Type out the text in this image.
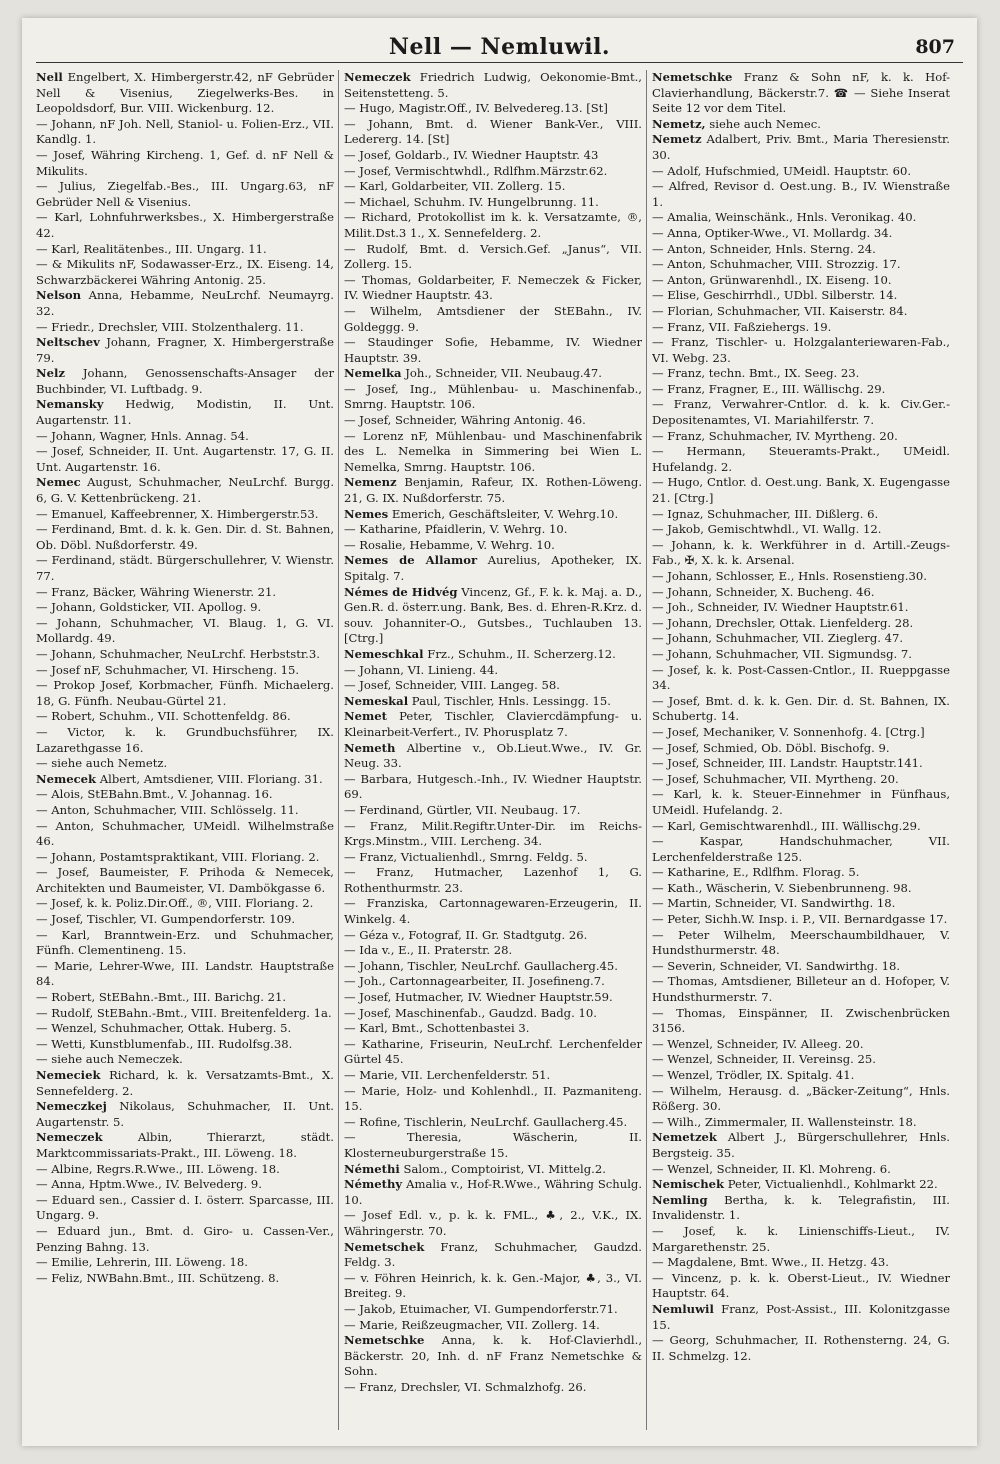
Nell — Nemluwil.	807

Nell Engelbert, X. Himbergerstr.42, nF Gebrüder Nell & Visenius, Ziegelwerks-Bes. in Leopoldsdorf, Bur. VIII. Wickenburg. 12.

— Johann, nF Joh. Nell, Staniol- u. Folien-Erz., VII. Kandlg. 1.

— Josef, Währing Kircheng. 1, Gef. d. nF Nell & Mikulits.

— Julius, Ziegelfab.-Bes., III. Ungarg.63, nF Gebrüder Nell & Visenius.

— Karl, Lohnfuhrwerksbes., X. Himbergerstraße 42.

— Karl, Realitätenbes., III. Ungarg. 11.

— & Mikulits nF, Sodawasser-Erz., IX. Eiseng. 14, Schwarzbäckerei Währing Antonig. 25.

Nelson Anna, Hebamme, NeuLrchf. Neumayrg. 32.

— Friedr., Drechsler, VIII. Stolzenthalerg. 11.

Neltschev Johann, Fragner, X. Himbergerstraße 79.

Nelz Johann, Genossenschafts-Ansager der Buchbinder, VI. Luftbadg. 9.

Nemansky Hedwig, Modistin, II. Unt. Augartenstr. 11.

— Johann, Wagner, Hnls. Annag. 54.

— Josef, Schneider, II. Unt. Augartenstr. 17, G. II. Unt. Augartenstr. 16.

Nemec August, Schuhmacher, NeuLrchf. Burgg. 6, G. V. Kettenbrückeng. 21.

— Emanuel, Kaffeebrenner, X. Himbergerstr.53.

— Ferdinand, Bmt. d. k. k. Gen. Dir. d. St. Bahnen, Ob. Döbl. Nußdorferstr. 49.

— Ferdinand, städt. Bürgerschullehrer, V. Wienstr. 77.

— Franz, Bäcker, Währing Wienerstr. 21.

— Johann, Goldsticker, VII. Apollog. 9.

— Johann, Schuhmacher, VI. Blaug. 1, G. VI. Mollardg. 49.

— Johann, Schuhmacher, NeuLrchf. Herbststr.3.

— Josef nF, Schuhmacher, VI. Hirscheng. 15.

— Prokop Josef, Korbmacher, Fünfh. Michaelerg. 18, G. Fünfh. Neubau-Gürtel 21.

— Robert, Schuhm., VII. Schottenfeldg. 86.

— Victor, k. k. Grundbuchsführer, IX. Lazarethgasse 16.

— siehe auch Nemetz.

Nemecek Albert, Amtsdiener, VIII. Floriang. 31.

— Alois, StEBahn.Bmt., V. Johannag. 16.

— Anton, Schuhmacher, VIII. Schlösselg. 11.

— Anton, Schuhmacher, UMeidl. Wilhelmstraße 46.

— Johann, Postamtspraktikant, VIII. Floriang. 2.

— Josef, Baumeister, F. Prihoda & Nemecek, Architekten und Baumeister, VI. Dambökgasse 6.

— Josef, k. k. Poliz.Dir.Off., ®, VIII. Floriang. 2.

— Josef, Tischler, VI. Gumpendorferstr. 109.

— Karl, Branntwein-Erz. und Schuhmacher, Fünfh. Clementineng. 15.

— Marie, Lehrer-Wwe, III. Landstr. Hauptstraße 84.

— Robert, StEBahn.-Bmt., III. Barichg. 21.

— Rudolf, StEBahn.-Bmt., VIII. Breitenfelderg. 1a.

— Wenzel, Schuhmacher, Ottak. Huberg. 5.

— Wetti, Kunstblumenfab., III. Rudolfsg.38.

— siehe auch Nemeczek.

Nemeciek Richard, k. k. Versatzamts-Bmt., X. Sennefelderg. 2.

Nemeczkej Nikolaus, Schuhmacher, II. Unt. Augartenstr. 5.

Nemeczek	Albin, Thierarzt, städt. Marktcommissariats-Prakt., III. Löweng. 18.

— Albine, Regrs.R.Wwe., III. Löweng. 18.

— Anna, Hptm.Wwe., IV. Belvederg. 9.

— Eduard sen., Cassier d. I. österr. Sparcasse, III. Ungarg. 9.

— Eduard jun., Bmt. d. Giro- u. Cassen-Ver., Penzing Bahng. 13.

— Emilie, Lehrerin, III. Löweng. 18.

— Feliz, NWBahn.Bmt., III. Schützeng. 8.

Nemeczek Friedrich Ludwig, Oekonomie-Bmt., Seitenstetteng. 5.

— Hugo, Magistr.Off., IV. Belvedereg.13. [St]

— Johann, Bmt. d. Wiener Bank-Ver., VIII. Ledererg. 14. [St]

— Josef, Goldarb., IV. Wiedner Hauptstr. 43

— Josef, Vermischtwhdl., Rdlfhm.Märzstr.62.

— Karl, Goldarbeiter, VII. Zollerg. 15.

— Michael, Schuhm. IV. Hungelbrunng. 11.

— Richard, Protokollist im k. k. Versatzamte, ®, Milit.Dst.3 1., X. Sennefelderg. 2.

— Rudolf, Bmt. d. Versich.Gef. „Janus“, VII. Zollerg. 15.

— Thomas, Goldarbeiter, F. Nemeczek & Ficker, IV. Wiedner Hauptstr. 43.

— Wilhelm, Amtsdiener der StEBahn., IV. Goldeggg. 9.

— Staudinger Sofie, Hebamme, IV. Wiedner Hauptstr. 39.

Nemelka Joh., Schneider, VII. Neubaug.47.

— Josef, Ing., Mühlenbau- u. Maschinenfab., Smrng. Hauptstr. 106.

— Josef, Schneider, Währing Antonig. 46.

— Lorenz nF, Mühlenbau- und Maschinenfabrik des L. Nemelka in Simmering bei Wien L. Nemelka, Smrng. Hauptstr. 106.

Nemenz Benjamin, Rafeur, IX. Rothen-Löweng. 21, G. IX. Nußdorferstr. 75.

Nemes Emerich, Geschäftsleiter, V. Wehrg.10.

— Katharine, Pfaidlerin, V. Wehrg. 10.

— Rosalie, Hebamme, V. Wehrg. 10.

Nemes de Allamor Aurelius, Apotheker, IX. Spitalg. 7.

Némes de Hidvég Vincenz, Gf., F. k. k. Maj. a. D., Gen.R. d. österr.ung. Bank, Bes. d. Ehren-R.Krz. d. souv. Johanniter-O., Gutsbes., Tuchlauben 13. [Ctrg.]

Nemeschkal Frz., Schuhm., II. Scherzerg.12.

— Johann, VI. Linieng. 44.

— Josef, Schneider, VIII. Langeg. 58.

Nemeskal Paul, Tischler, Hnls. Lessingg. 15.

Nemet Peter, Tischler, Claviercdämpfung- u. Kleinarbeit-Verfert., IV. Phorusplatz 7.

Nemeth Albertine v., Ob.Lieut.Wwe., IV. Gr. Neug. 33.

— Barbara, Hutgesch.-Inh., IV. Wiedner Hauptstr. 69.

— Ferdinand, Gürtler, VII. Neubaug. 17.

— Franz, Milit.Regiftr.Unter-Dir. im Reichs-Krgs.Minstm., VIII. Lercheng. 34.

— Franz, Victualienhdl., Smrng. Feldg. 5.

— Franz, Hutmacher, Lazenhof 1, G. Rothenthurmstr. 23.

— Franziska, Cartonnagewaren-Erzeugerin, II. Winkelg. 4.

— Géza v., Fotograf, II. Gr. Stadtgutg. 26.

— Ida v., E., II. Praterstr. 28.

— Johann, Tischler, NeuLrchf. Gaullacherg.45.

— Joh., Cartonnagearbeiter, II. Josefineng.7.

— Josef, Hutmacher, IV. Wiedner Hauptstr.59.

— Josef, Maschinenfab., Gaudzd. Badg. 10.

— Karl, Bmt., Schottenbastei 3.

— Katharine, Friseurin, NeuLrchf. Lerchenfelder Gürtel 45.

— Marie, VII. Lerchenfelderstr. 51.

— Marie, Holz- und Kohlenhdl., II. Pazmaniteng. 15.

— Rofine, Tischlerin, NeuLrchf. Gaullacherg.45.

— Theresia, Wäscherin, II. Klosterneuburgerstraße 15.

Némethi Salom., Comptoirist, VI. Mittelg.2.

Némethy Amalia v., Hof-R.Wwe., Währing Schulg. 10.

— Josef Edl. v., p. k. k. FML., ♣, 2., V.K., IX. Währingerstr. 70.

Nemetschek Franz, Schuhmacher, Gaudzd. Feldg. 3.

— v. Föhren Heinrich, k. k. Gen.-Major, ♣, 3., VI. Breiteg. 9.

— Jakob, Etuimacher, VI. Gumpendorferstr.71.

— Marie, Reißzeugmacher, VII. Zollerg. 14.

Nemetschke Anna, k. k. Hof-Clavierhdl., Bäckerstr. 20, Inh. d. nF Franz Nemetschke & Sohn.

— Franz, Drechsler, VI. Schmalzhofg. 26.

Nemetschke Franz & Sohn nF, k. k. Hof-Clavierhandlung, Bäckerstr.7. ☎ — Siehe Inserat Seite 12 vor dem Titel.

Nemetz, siehe auch Nemec.

Nemetz Adalbert, Priv. Bmt., Maria Theresienstr. 30.

— Adolf, Hufschmied, UMeidl. Hauptstr. 60.

— Alfred, Revisor d. Oest.ung. B., IV. Wienstraße 1.

— Amalia, Weinschänk., Hnls. Veronikag. 40.

— Anna, Optiker-Wwe., VI. Mollardg. 34.

— Anton, Schneider, Hnls. Sterng. 24.

— Anton, Schuhmacher, VIII. Strozzig. 17.

— Anton, Grünwarenhdl., IX. Eiseng. 10.

— Elise, Geschirrhdl., UDbl. Silberstr. 14.

— Florian, Schuhmacher, VII. Kaiserstr. 84.

— Franz, VII. Faßziehergs. 19.

— Franz, Tischler- u. Holzgalanteriewaren-Fab., VI. Webg. 23.

— Franz, techn. Bmt., IX. Seeg. 23.

— Franz, Fragner, E., III. Wällischg. 29.

— Franz, Verwahrer-Cntlor. d. k. k. Civ.Ger.-Depositenamtes, VI. Mariahilferstr. 7.

— Franz, Schuhmacher, IV. Myrtheng. 20.

— Hermann, Steueramts-Prakt., UMeidl. Hufelandg. 2.

— Hugo, Cntlor. d. Oest.ung. Bank, X. Eugengasse 21. [Ctrg.]

— Ignaz, Schuhmacher, III. Dißlerg. 6.

— Jakob, Gemischtwhdl., VI. Wallg. 12.

— Johann, k. k. Werkführer in d. Artill.-Zeugs-Fab., ✠, X. k. k. Arsenal.

— Johann, Schlosser, E., Hnls. Rosenstieng.30.

— Johann, Schneider, X. Bucheng. 46.

— Joh., Schneider, IV. Wiedner Hauptstr.61.

— Johann, Drechsler, Ottak. Lienfelderg. 28.

— Johann, Schuhmacher, VII. Zieglerg. 47.

— Johann, Schuhmacher, VII. Sigmundsg. 7.

— Josef, k. k. Post-Cassen-Cntlor., II. Rueppgasse 34.

— Josef, Bmt. d. k. k. Gen. Dir. d. St. Bahnen, IX. Schubertg. 14.

— Josef, Mechaniker, V. Sonnenhofg. 4. [Ctrg.]

— Josef, Schmied, Ob. Döbl. Bischofg. 9.

— Josef, Schneider, III. Landstr. Hauptstr.141.

— Josef, Schuhmacher, VII. Myrtheng. 20.

— Karl, k. k. Steuer-Einnehmer in Fünfhaus, UMeidl. Hufelandg. 2.

— Karl, Gemischtwarenhdl., III. Wällischg.29.

— Kaspar, Handschuhmacher, VII. Lerchenfelderstraße 125.

— Katharine, E., Rdlfhm. Florag. 5.

— Kath., Wäscherin, V. Siebenbrunneng. 98.

— Martin, Schneider, VI. Sandwirthg. 18.

— Peter, Sichh.W. Insp. i. P., VII. Bernardgasse 17.

— Peter Wilhelm, Meerschaumbildhauer, V. Hundsthurmerstr. 48.

— Severin, Schneider, VI. Sandwirthg. 18.

— Thomas, Amtsdiener, Billeteur an d. Hofoper, V. Hundsthurmerstr. 7.

— Thomas, Einspänner, II. Zwischenbrücken 3156.

— Wenzel, Schneider, IV. Alleeg. 20.

— Wenzel, Schneider, II. Vereinsg. 25.

— Wenzel, Trödler, IX. Spitalg. 41.

— Wilhelm, Herausg. d. „Bäcker-Zeitung“, Hnls. Rößerg. 30.

— Wilh., Zimmermaler, II. Wallensteinstr. 18.

Nemetzek Albert J., Bürgerschullehrer, Hnls. Bergsteig. 35.

— Wenzel, Schneider, II. Kl. Mohreng. 6.

Nemischek Peter, Victualienhdl., Kohlmarkt 22.

Nemling Bertha, k. k. Telegrafistin, III. Invalidenstr. 1.

— Josef, k. k. Linienschiffs-Lieut., IV. Margarethenstr. 25.

— Magdalene, Bmt. Wwe., II. Hetzg. 43.

— Vincenz, p. k. k. Oberst-Lieut., IV. Wiedner Hauptstr. 64.

Nemluwil Franz, Post-Assist., III. Kolonitzgasse 15.

— Georg, Schuhmacher, II. Rothensterng. 24, G. II. Schmelzg. 12.
